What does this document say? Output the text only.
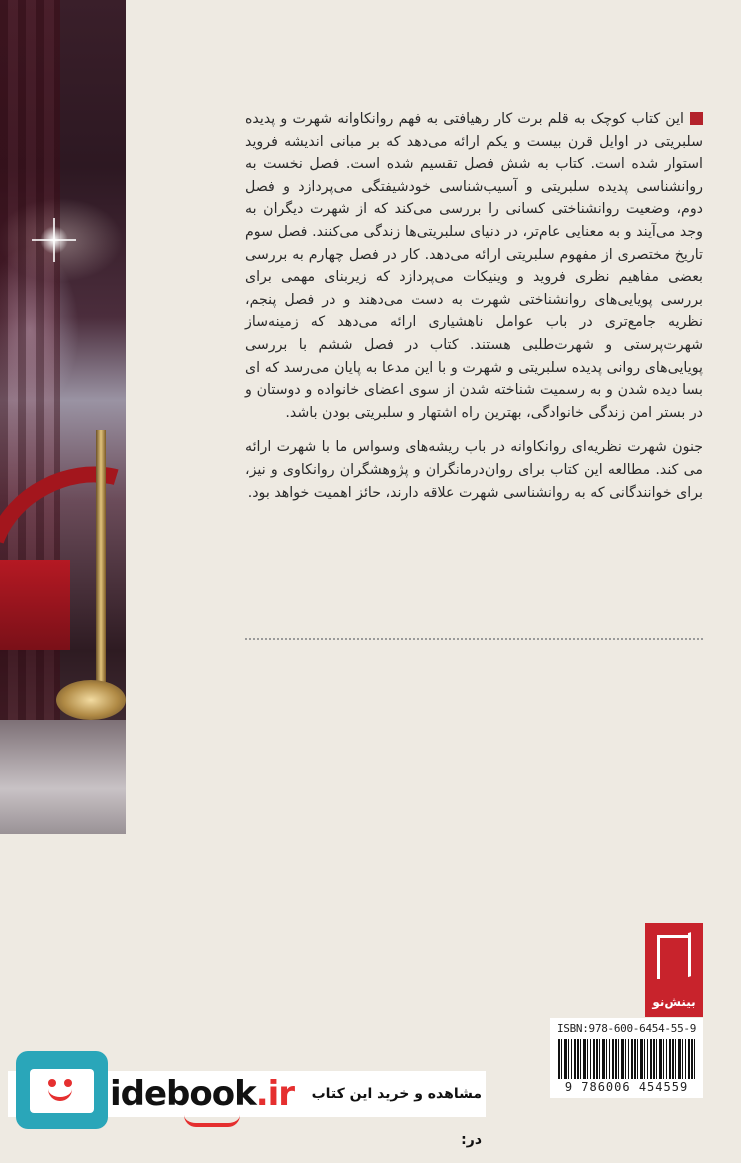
این کتاب کوچک به قلم برت کار رهیافتی به فهم روانکاوانه شهرت و پدیده سلبریتی در اوایل قرن بیست و یکم ارائه می‌دهد که بر مبانی اندیشه فروید استوار شده است. کتاب به شش فصل تقسیم شده است. فصل نخست به روانشناسی پدیده سلبریتی و آسیب‌شناسی خودشیفتگی می‌پردازد و فصل دوم، وضعیت روانشناختی کسانی را بررسی می‌کند که از شهرت دیگران به وجد می‌آیند و به معنایی عام‌تر، در دنیای سلبریتی‌ها زندگی می‌کنند. فصل سوم تاریخ مختصری از مفهوم سلبریتی ارائه می‌دهد. کار در فصل چهارم به بررسی بعضی مفاهیم نظری فروید و وینیکات می‌پردازد که زیربنای مهمی برای بررسی پویایی‌های روانشناختی شهرت به دست می‌دهند و در فصل پنجم، نظریه جامع‌تری در باب عوامل ناهشیاری ارائه می‌دهد که زمینه‌ساز شهرت‌پرستی و شهرت‌طلبی هستند. کتاب در فصل ششم با بررسی پویایی‌های روانی پدیده سلبریتی و شهرت و با این مدعا به پایان می‌رسد که ای بسا دیده شدن و به رسمیت شناخته شدن از سوی اعضای خانواده و دوستان و در بستر امن زندگی خانوادگی، بهترین راه اشتهار و سلبریتی بودن باشد.

جنون شهرت نظریه‌ای روانکاوانه در باب ریشه‌های وسواس ما با شهرت ارائه می کند. مطالعه این کتاب برای روان‌درمانگران و پژوهشگران روانکاوی و نیز، برای خوانندگانی که به روانشناسی شهرت علاقه دارند، حائز اهمیت خواهد بود.

بینش‌نو
ISBN:978-600-6454-55-9
9 786006 454559
idebook.ir	مشاهده و خرید این کتاب در:
